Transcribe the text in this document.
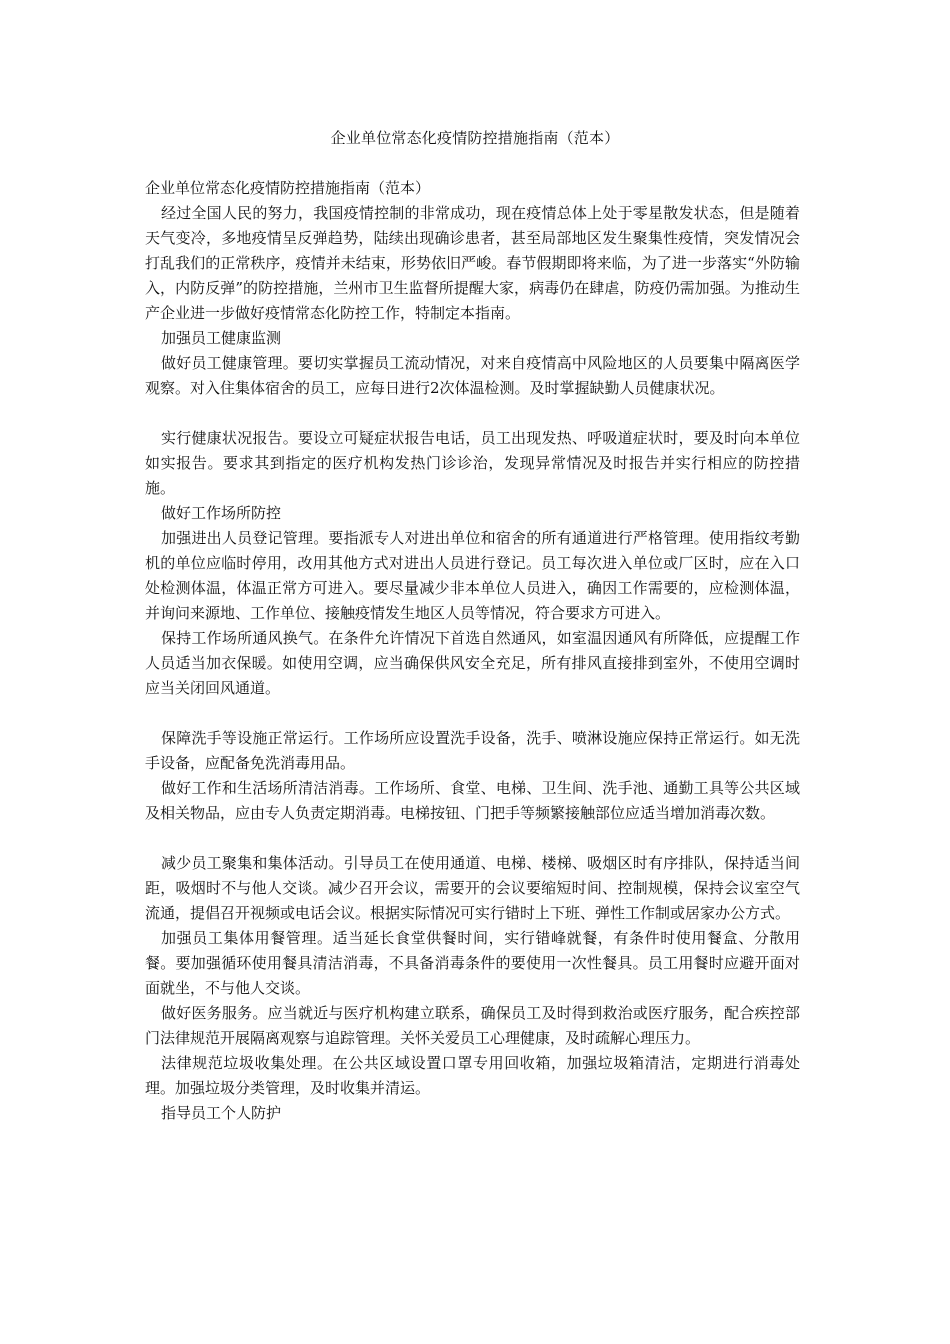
企业单位常态化疫情防控措施指南（范本）

企业单位常态化疫情防控措施指南（范本）

经过全国人民的努力，我国疫情控制的非常成功，现在疫情总体上处于零星散发状态，但是随着天气变冷，多地疫情呈反弹趋势，陆续出现确诊患者，甚至局部地区发生聚集性疫情，突发情况会打乱我们的正常秩序，疫情并未结束，形势依旧严峻。春节假期即将来临，为了进一步落实“外防输入，内防反弹”的防控措施，兰州市卫生监督所提醒大家，病毒仍在肆虐，防疫仍需加强。为推动生产企业进一步做好疫情常态化防控工作，特制定本指南。

加强员工健康监测

做好员工健康管理。要切实掌握员工流动情况，对来自疫情高中风险地区的人员要集中隔离医学观察。对入住集体宿舍的员工，应每日进行2次体温检测。及时掌握缺勤人员健康状况。

实行健康状况报告。要设立可疑症状报告电话，员工出现发热、呼吸道症状时，要及时向本单位如实报告。要求其到指定的医疗机构发热门诊诊治，发现异常情况及时报告并实行相应的防控措施。

做好工作场所防控

加强进出人员登记管理。要指派专人对进出单位和宿舍的所有通道进行严格管理。使用指纹考勤机的单位应临时停用，改用其他方式对进出人员进行登记。员工每次进入单位或厂区时，应在入口处检测体温，体温正常方可进入。要尽量减少非本单位人员进入，确因工作需要的，应检测体温，并询问来源地、工作单位、接触疫情发生地区人员等情况，符合要求方可进入。

保持工作场所通风换气。在条件允许情况下首选自然通风，如室温因通风有所降低，应提醒工作人员适当加衣保暖。如使用空调，应当确保供风安全充足，所有排风直接排到室外，不使用空调时应当关闭回风通道。

保障洗手等设施正常运行。工作场所应设置洗手设备，洗手、喷淋设施应保持正常运行。如无洗手设备，应配备免洗消毒用品。

做好工作和生活场所清洁消毒。工作场所、食堂、电梯、卫生间、洗手池、通勤工具等公共区域及相关物品，应由专人负责定期消毒。电梯按钮、门把手等频繁接触部位应适当增加消毒次数。

减少员工聚集和集体活动。引导员工在使用通道、电梯、楼梯、吸烟区时有序排队，保持适当间距，吸烟时不与他人交谈。减少召开会议，需要开的会议要缩短时间、控制规模，保持会议室空气流通，提倡召开视频或电话会议。根据实际情况可实行错时上下班、弹性工作制或居家办公方式。

加强员工集体用餐管理。适当延长食堂供餐时间，实行错峰就餐，有条件时使用餐盒、分散用餐。要加强循环使用餐具清洁消毒，不具备消毒条件的要使用一次性餐具。员工用餐时应避开面对面就坐，不与他人交谈。

做好医务服务。应当就近与医疗机构建立联系，确保员工及时得到救治或医疗服务，配合疾控部门法律规范开展隔离观察与追踪管理。关怀关爱员工心理健康，及时疏解心理压力。

法律规范垃圾收集处理。在公共区域设置口罩专用回收箱，加强垃圾箱清洁，定期进行消毒处理。加强垃圾分类管理，及时收集并清运。

指导员工个人防护
